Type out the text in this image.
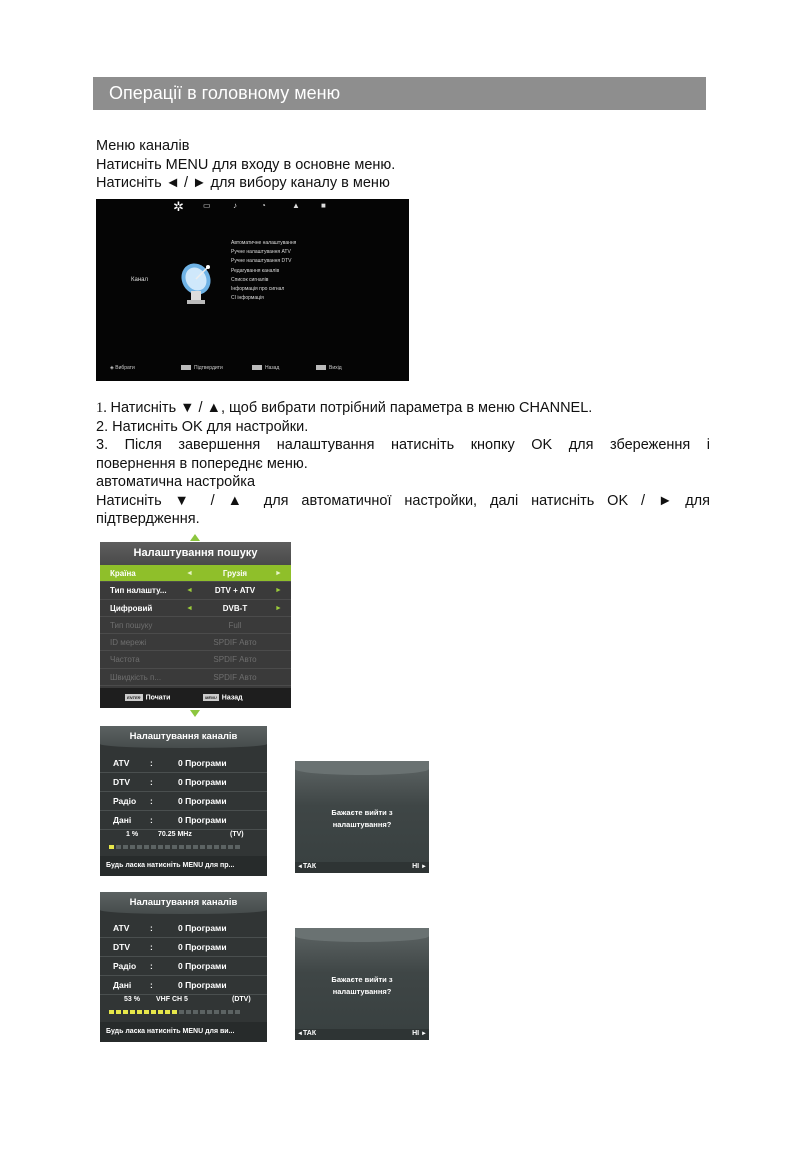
Операції в головному меню
Меню каналів
Натисніть MENU для входу в основне меню.
Натисніть ◄ / ► для вибору каналу в меню
✲ ▭	♪	◔	▲	■
Канал
Автоматичне налаштування
Ручне налаштування ATV
Ручне налаштування DTV
Редагування каналів
Список сигналів
Інформація про сигнал
CI інформація
◈ Вибрати	Підтвердити	Назад	Вихід
1. Натисніть ▼ / ▲, щоб вибрати потрібний параметра в меню CHANNEL.
2. Натисніть OK для настройки.
3. Після завершення налаштування натисніть кнопку OK для збереження і
повернення в попереднє меню.
автоматична настройка
Натисніть ▼ / ▲ для автоматичної настройки, далі натисніть OK / ► для
підтвердження.
Налаштування пошуку
Країна	◄	Грузія	►
Тип налашту...	◄	DTV + ATV	►
Цифровий	◄	DVB-T	►
Тип пошуку	Full
ID мережі	SPDIF Авто
Частота	SPDIF Авто
Швидкість п...	SPDIF Авто
ENTER Почати	MENU Назад
Налаштування каналів
ATV :	0 Програми
DTV :	0 Програми
Радіо :	0 Програми
Дані :	0 Програми
1 %	70.25 MHz	(TV)
Будь ласка натисніть MENU для пр...
Бажаєте вийти з
налаштування?
◄ТАК	НІ ►
Налаштування каналів
ATV :	0 Програми
DTV :	0 Програми
Радіо :	0 Програми
Дані :	0 Програми
53 % VHF CH 5	(DTV)
Будь ласка натисніть MENU для ви...
Бажаєте вийти з
налаштування?
◄ТАК	НІ ►
